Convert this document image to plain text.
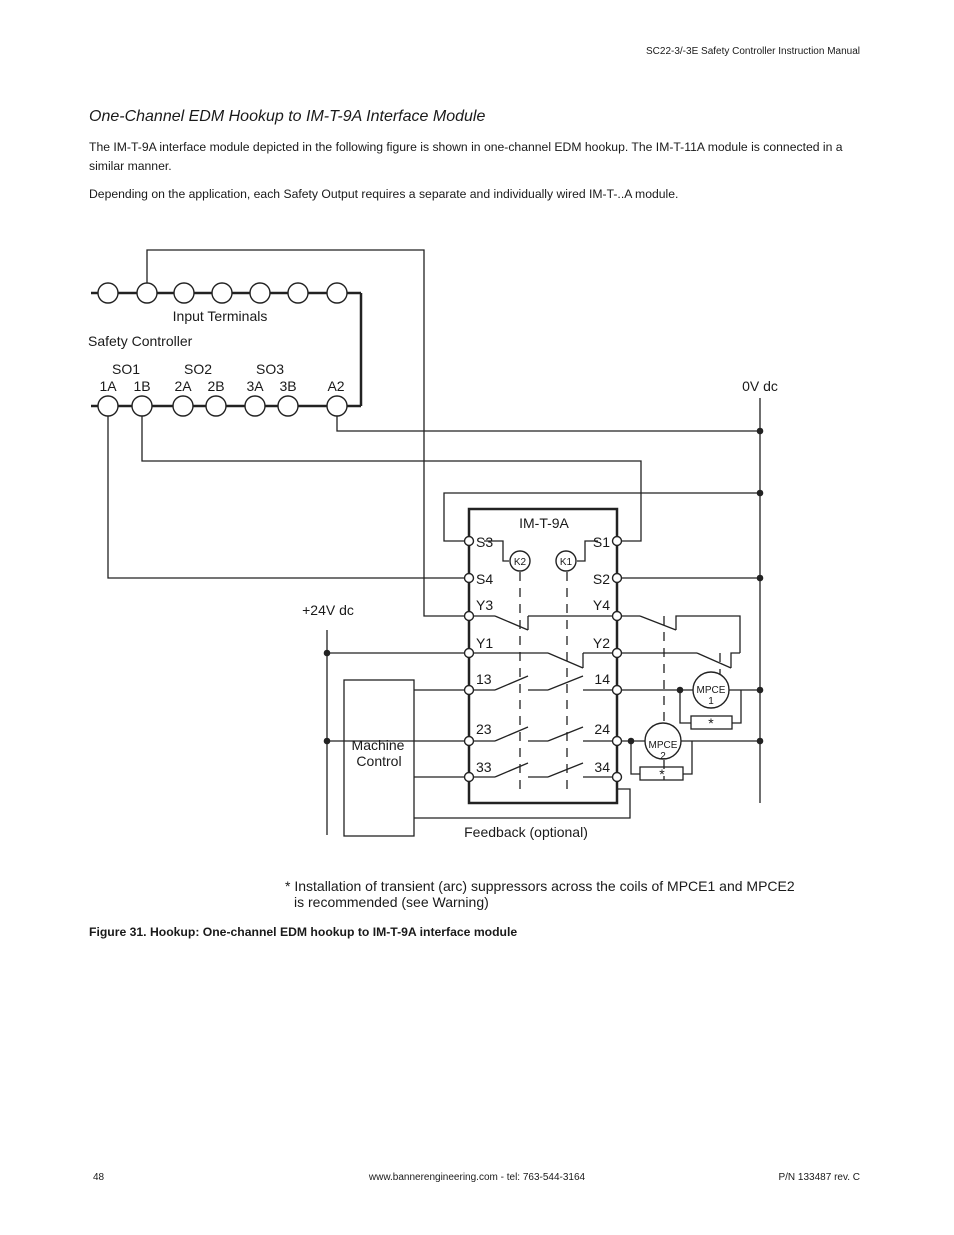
SC22-3/-3E Safety Controller Instruction Manual
One-Channel EDM Hookup to IM-T-9A Interface Module
The IM-T-9A interface module depicted in the following figure is shown in one-channel EDM hookup. The IM-T-11A module is connected in a similar manner.
Depending on the application, each Safety Output requires a separate and individually wired IM-T-..A module.
Input Terminals
Safety Controller
SO1	SO2	SO3
1A 1B 2A 2B 3A 3B A2	0V dc
+24V dc
IM-T-9A
S3
S4
Y3
Y1
13
23
33
S1
S2
Y4
Y2
14
24
34
K2	K1
Machine
Control
MPCE
1
MPCE
2
*
*
Feedback (optional)
* Installation of transient (arc) suppressors across the coils of MPCE1 and MPCE2
is recommended (see Warning)
Figure 31. Hookup: One-channel EDM hookup to IM-T-9A interface module
48	www.bannerengineering.com - tel: 763-544-3164	P/N 133487 rev. C
